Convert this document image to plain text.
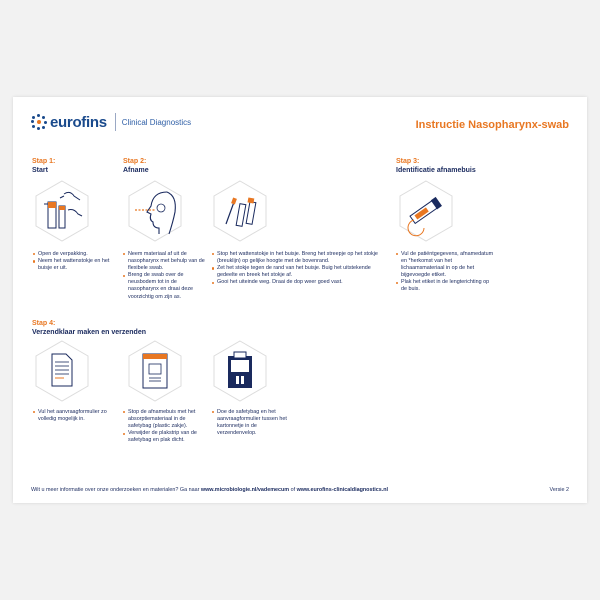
eurofins Clinical Diagnostics	Instructie Nasopharynx-swab
Stap 1:
Start
Open de verpakking.
Neem het wattenstokje en het buisje er uit.
Stap 2:
Afname
Neem materiaal af uit de nasopharynx met behulp van de flexibele swab.
Breng de swab over de neusbodem tot in de nasopharynx en draai deze voorzichtig om zijn as.
Stop het wattenstokje in het buisje. Breng het streepje op het stokje (breuklijn) op gelijke hoogte met de bovenrand.
Zet het stokje tegen de rand van het buisje. Buig het uitstekende gedeelte en breek het stokje af.
Gooi het uiteinde weg. Draai de dop weer goed vast.
Stap 3:
Identificatie afnamebuis
Vul de patiëntgegevens, afnamedatum en *herkomst van het lichaamsmateriaal in op de het bijgevoegde etiket.
Plak het etiket in de lengterichting op de buis.
Stap 4:
Verzendklaar maken en verzenden
Vul het aanvraagformulier zo volledig mogelijk in.
Stop de afnamebuis met het absorptiemateriaal in de safetybag (plastic zakje).
Verwijder de plakstrip van de safetybag en plak dicht.
Doe de safetybag en het aanvraagformulier tussen het kartonnetje in de verzendenvelop.
Wilt u meer informatie over onze onderzoeken en materialen? Ga naar www.microbiologie.nl/vademecum of www.eurofins-clinicaldiagnostics.nl	Versie 2
